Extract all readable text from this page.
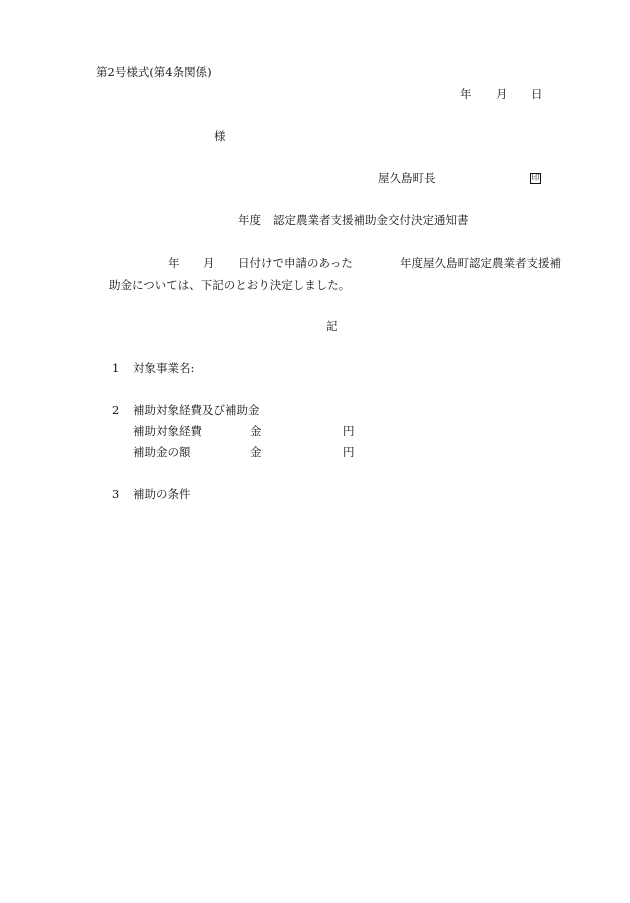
第2号様式(第4条関係)
年 月 日
様
屋久島町長	印
年度 認定農業者支援補助金交付決定通知書
年 月 日付けで申請のあった	年度屋久島町認定農業者支援補
助金については、下記のとおり決定しました。
記
1 対象事業名:
2 補助対象経費及び補助金
補助対象経費	金	円
補助金の額	金	円
3 補助の条件
